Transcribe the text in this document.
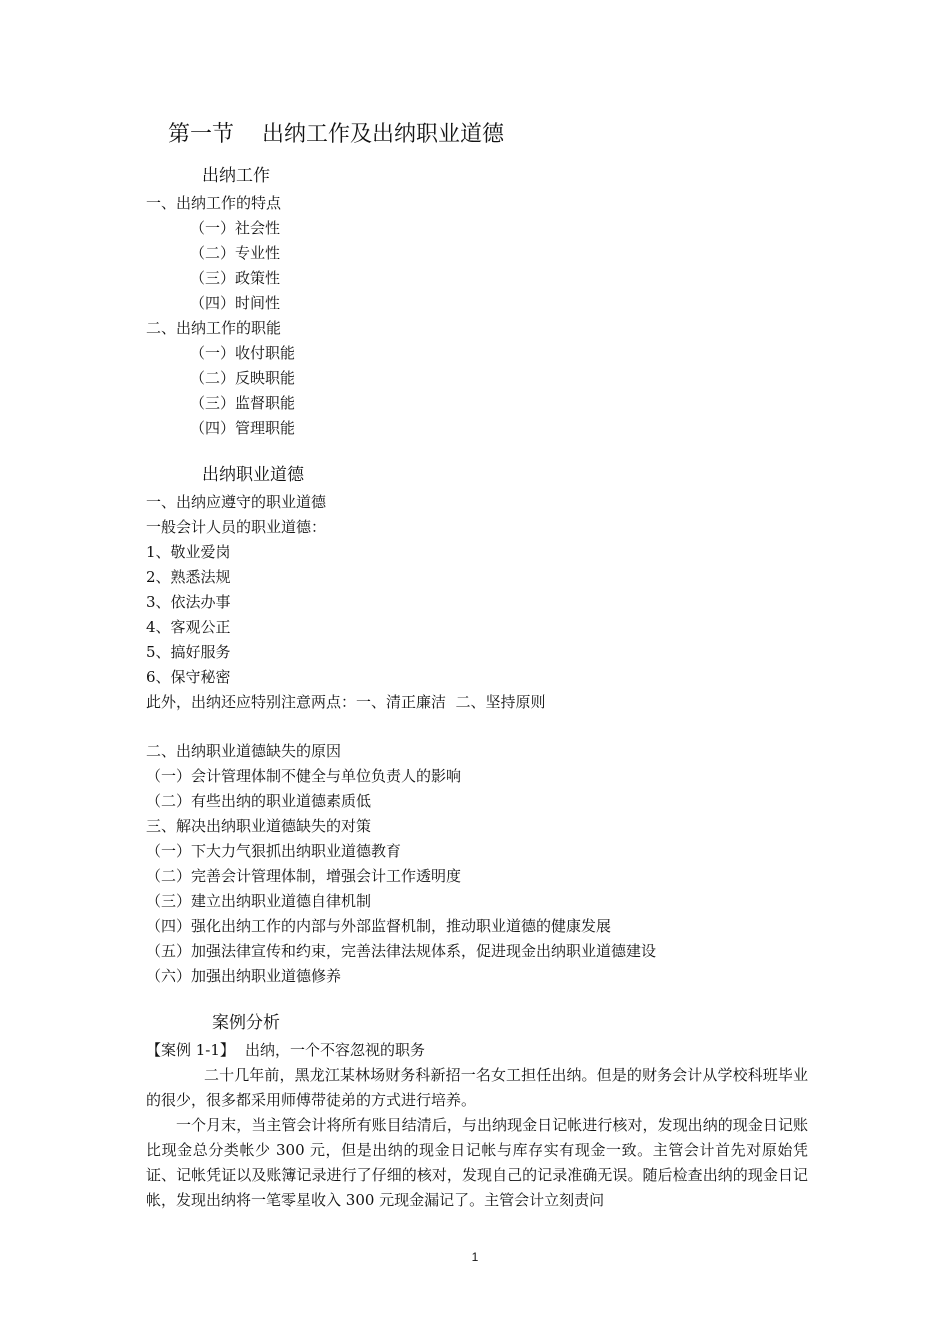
第一节    出纳工作及出纳职业道德
出纳工作
一、出纳工作的特点
（一）社会性
（二）专业性
（三）政策性
（四）时间性
二、出纳工作的职能
（一）收付职能
（二）反映职能
（三）监督职能
（四）管理职能
出纳职业道德
一、出纳应遵守的职业道德
一般会计人员的职业道德：
1、敬业爱岗
2、熟悉法规
3、依法办事
4、客观公正
5、搞好服务
6、保守秘密
此外，出纳还应特别注意两点：一、清正廉洁  二、坚持原则
二、出纳职业道德缺失的原因
（一）会计管理体制不健全与单位负责人的影响
（二）有些出纳的职业道德素质低
三、解决出纳职业道德缺失的对策
（一）下大力气狠抓出纳职业道德教育
（二）完善会计管理体制，增强会计工作透明度
（三）建立出纳职业道德自律机制
（四）强化出纳工作的内部与外部监督机制，推动职业道德的健康发展
（五）加强法律宣传和约束，完善法律法规体系，促进现金出纳职业道德建设
（六）加强出纳职业道德修养
案例分析
【案例 1-1】 出纳，一个不容忽视的职务
二十几年前，黑龙江某林场财务科新招一名女工担任出纳。但是的财务会计从学校科班毕业的很少，很多都采用师傅带徒弟的方式进行培养。
一个月末，当主管会计将所有账目结清后，与出纳现金日记帐进行核对，发现出纳的现金日记账比现金总分类帐少 300 元，但是出纳的现金日记帐与库存实有现金一致。主管会计首先对原始凭证、记帐凭证以及账簿记录进行了仔细的核对，发现自己的记录准确无误。随后检查出纳的现金日记帐，发现出纳将一笔零星收入 300 元现金漏记了。主管会计立刻责问
1
